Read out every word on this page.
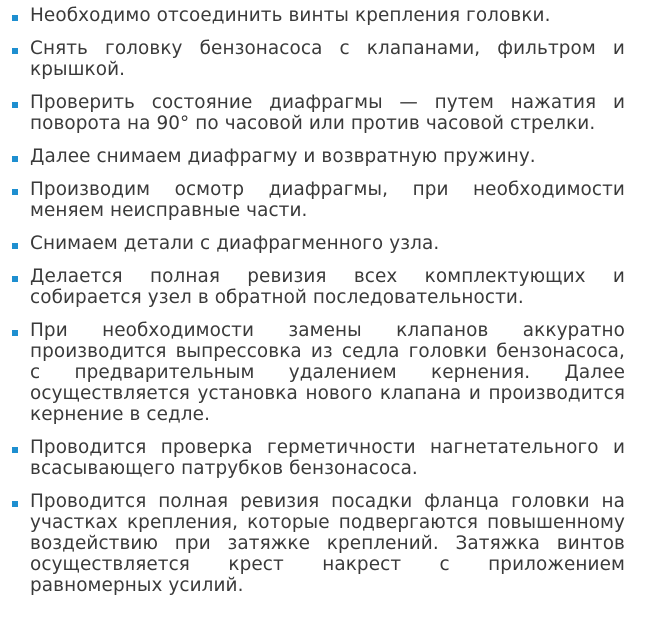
Необходимо отсоединить винты крепления головки.
Снять головку бензонасоса с клапанами, фильтром и крышкой.
Проверить состояние диафрагмы — путем нажатия и поворота на 90° по часовой или против часовой стрелки.
Далее снимаем диафрагму и возвратную пружину.
Производим осмотр диафрагмы, при необходимости меняем неисправные части.
Снимаем детали с диафрагменного узла.
Делается полная ревизия всех комплектующих и собирается узел в обратной последовательности.
При необходимости замены клапанов аккуратно производится выпрессовка из седла головки бензонасоса, с предварительным удалением кернения. Далее осуществляется установка нового клапана и производится кернение в седле.
Проводится проверка герметичности нагнетательного и всасывающего патрубков бензонасоса.
Проводится полная ревизия посадки фланца головки на участках крепления, которые подвергаются повышенному воздействию при затяжке креплений. Затяжка винтов осуществляется крест накрест с приложением равномерных усилий.
